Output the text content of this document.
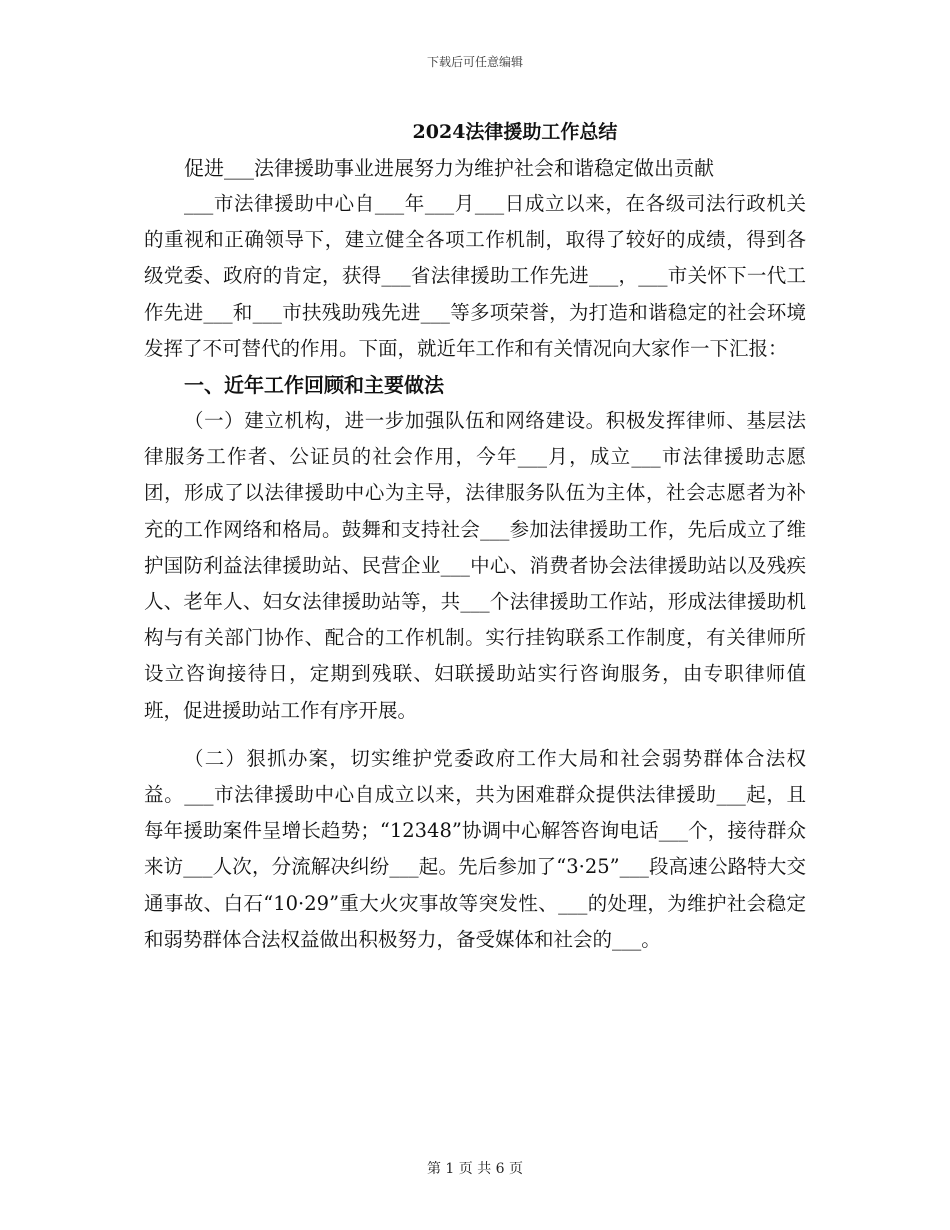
下载后可任意编辑
2024法律援助工作总结
促进___法律援助事业进展努力为维护社会和谐稳定做出贡献

___市法律援助中心自___年___月___日成立以来，在各级司法行政机关的重视和正确领导下，建立健全各项工作机制，取得了较好的成绩，得到各级党委、政府的肯定，获得___省法律援助工作先进___，___市关怀下一代工作先进___和___市扶残助残先进___等多项荣誉，为打造和谐稳定的社会环境发挥了不可替代的作用。下面，就近年工作和有关情况向大家作一下汇报：

一、近年工作回顾和主要做法

（一）建立机构，进一步加强队伍和网络建设。积极发挥律师、基层法律服务工作者、公证员的社会作用，今年___月，成立___市法律援助志愿团，形成了以法律援助中心为主导，法律服务队伍为主体，社会志愿者为补充的工作网络和格局。鼓舞和支持社会___参加法律援助工作，先后成立了维护国防利益法律援助站、民营企业___中心、消费者协会法律援助站以及残疾人、老年人、妇女法律援助站等，共___个法律援助工作站，形成法律援助机构与有关部门协作、配合的工作机制。实行挂钩联系工作制度，有关律师所设立咨询接待日，定期到残联、妇联援助站实行咨询服务，由专职律师值班，促进援助站工作有序开展。

（二）狠抓办案，切实维护党委政府工作大局和社会弱势群体合法权益。___市法律援助中心自成立以来，共为困难群众提供法律援助___起，且每年援助案件呈增长趋势；“12348”协调中心解答咨询电话___个，接待群众来访___人次，分流解决纠纷___起。先后参加了“3·25”___段高速公路特大交通事故、白石“10·29”重大火灾事故等突发性、___的处理，为维护社会稳定和弱势群体合法权益做出积极努力，备受媒体和社会的___。

第 1 页 共 6 页
